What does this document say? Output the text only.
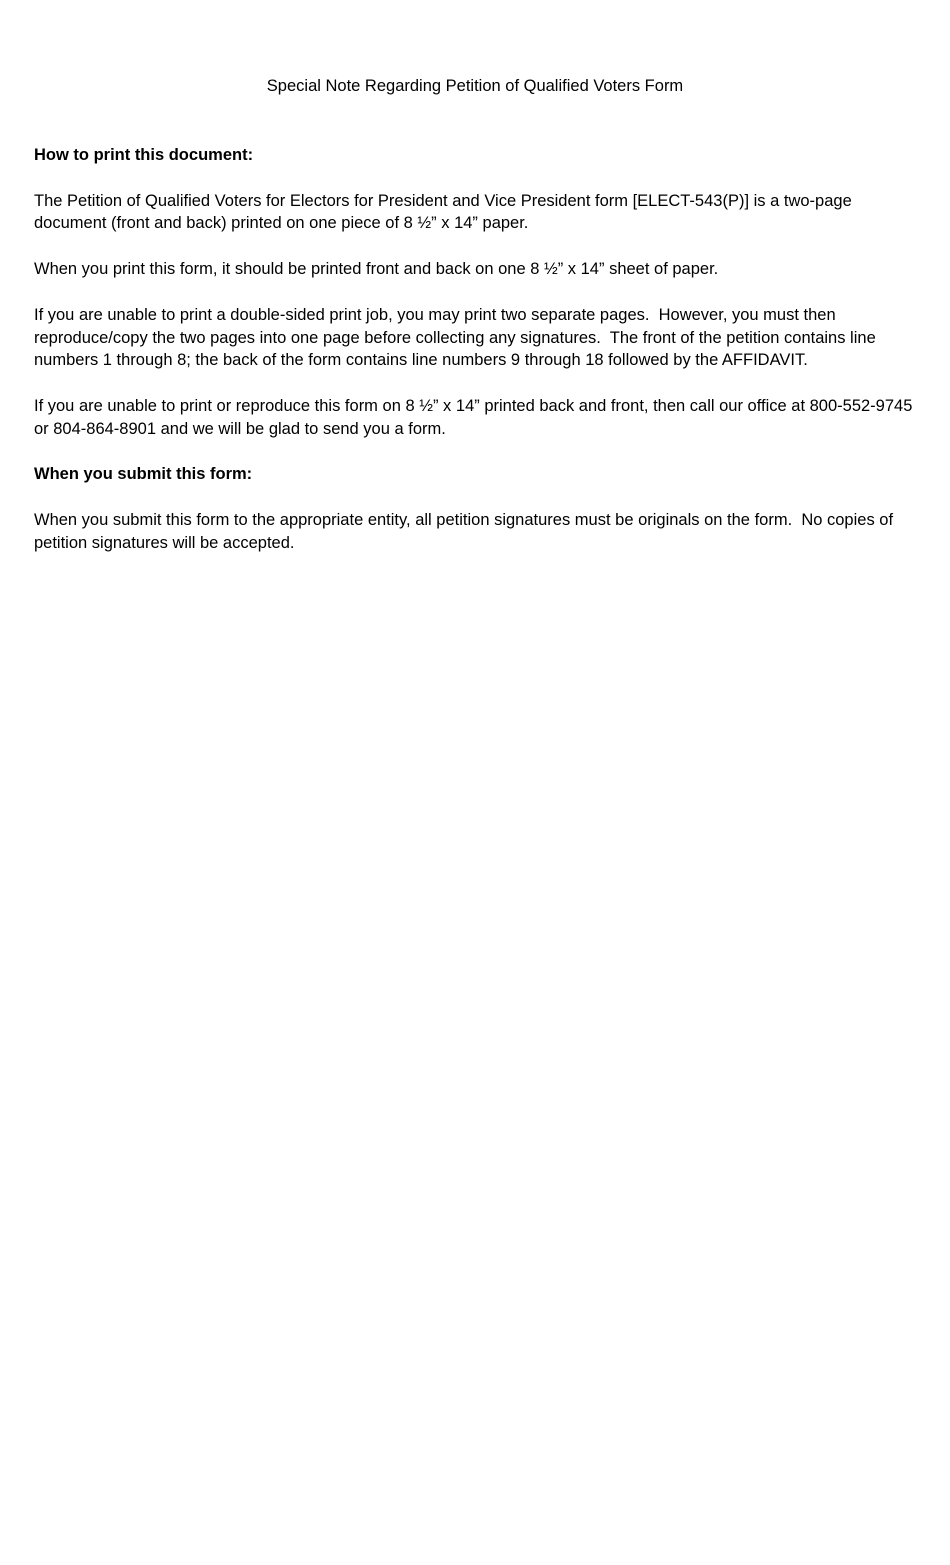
Special Note Regarding Petition of Qualified Voters Form
How to print this document:

The Petition of Qualified Voters for Electors for President and Vice President form [ELECT-543(P)] is a two-page document (front and back) printed on one piece of 8 ½” x 14” paper.

When you print this form, it should be printed front and back on one 8 ½” x 14” sheet of paper.

If you are unable to print a double-sided print job, you may print two separate pages.  However, you must then reproduce/copy the two pages into one page before collecting any signatures.  The front of the petition contains line numbers 1 through 8; the back of the form contains line numbers 9 through 18 followed by the AFFIDAVIT.

If you are unable to print or reproduce this form on 8 ½” x 14” printed back and front, then call our office at 800-552-9745 or 804-864-8901 and we will be glad to send you a form.

When you submit this form:

When you submit this form to the appropriate entity, all petition signatures must be originals on the form.  No copies of petition signatures will be accepted.
